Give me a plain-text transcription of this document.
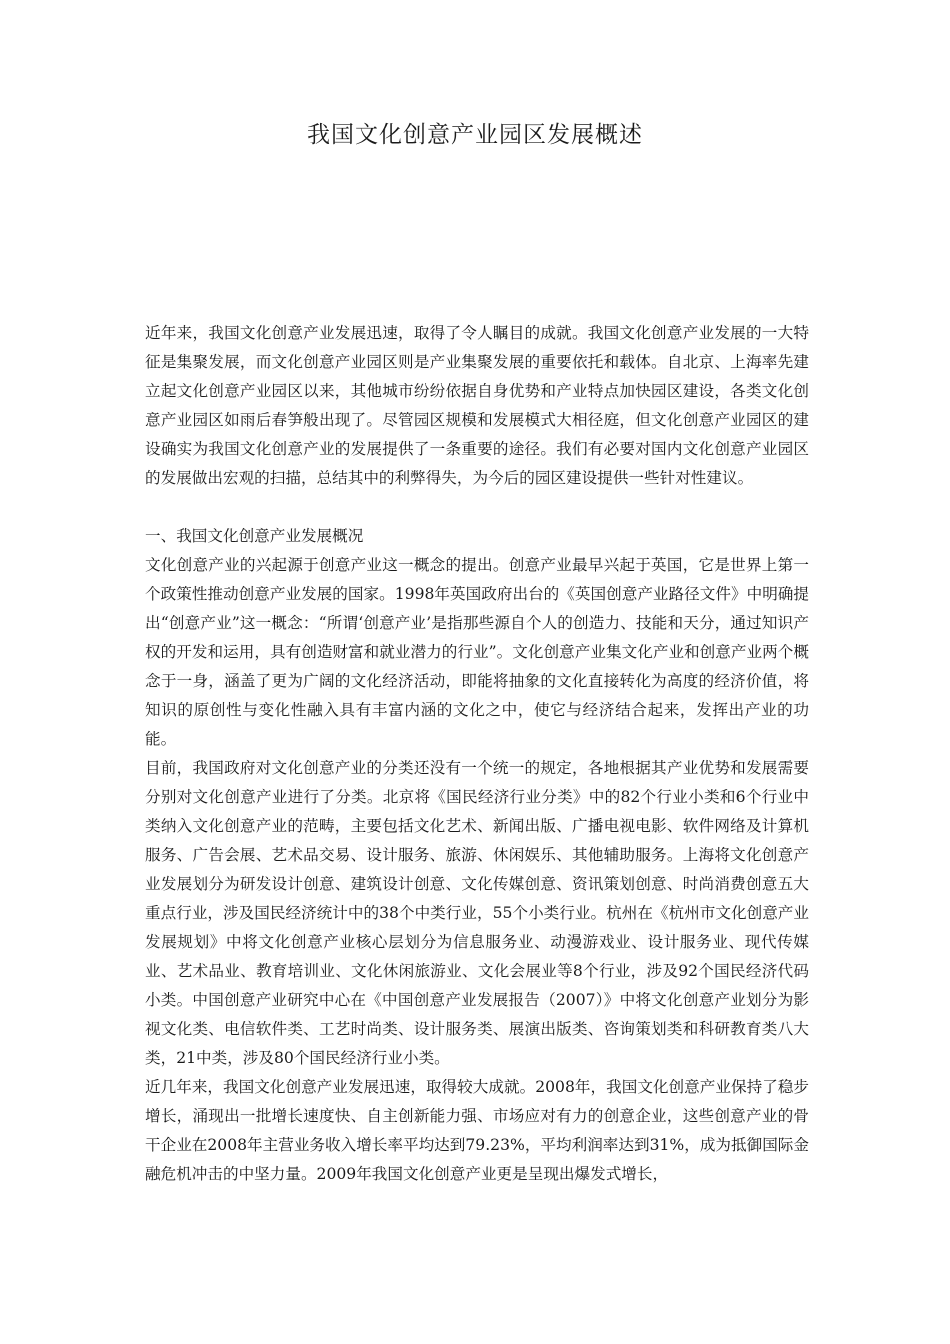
我国文化创意产业园区发展概述

近年来，我国文化创意产业发展迅速，取得了令人瞩目的成就。我国文化创意产业发展的一大特征是集聚发展，而文化创意产业园区则是产业集聚发展的重要依托和载体。自北京、上海率先建立起文化创意产业园区以来，其他城市纷纷依据自身优势和产业特点加快园区建设，各类文化创意产业园区如雨后春笋般出现了。尽管园区规模和发展模式大相径庭，但文化创意产业园区的建设确实为我国文化创意产业的发展提供了一条重要的途径。我们有必要对国内文化创意产业园区的发展做出宏观的扫描，总结其中的利弊得失，为今后的园区建设提供一些针对性建议。

一、我国文化创意产业发展概况

文化创意产业的兴起源于创意产业这一概念的提出。创意产业最早兴起于英国，它是世界上第一个政策性推动创意产业发展的国家。1998年英国政府出台的《英国创意产业路径文件》中明确提出“创意产业”这一概念：“所谓‘创意产业’是指那些源自个人的创造力、技能和天分，通过知识产权的开发和运用，具有创造财富和就业潜力的行业”。文化创意产业集文化产业和创意产业两个概念于一身，涵盖了更为广阔的文化经济活动，即能将抽象的文化直接转化为高度的经济价值，将知识的原创性与变化性融入具有丰富内涵的文化之中，使它与经济结合起来，发挥出产业的功能。

目前，我国政府对文化创意产业的分类还没有一个统一的规定，各地根据其产业优势和发展需要分别对文化创意产业进行了分类。北京将《国民经济行业分类》中的82个行业小类和6个行业中类纳入文化创意产业的范畴，主要包括文化艺术、新闻出版、广播电视电影、软件网络及计算机服务、广告会展、艺术品交易、设计服务、旅游、休闲娱乐、其他辅助服务。上海将文化创意产业发展划分为研发设计创意、建筑设计创意、文化传媒创意、资讯策划创意、时尚消费创意五大重点行业，涉及国民经济统计中的38个中类行业，55个小类行业。杭州在《杭州市文化创意产业发展规划》中将文化创意产业核心层划分为信息服务业、动漫游戏业、设计服务业、现代传媒业、艺术品业、教育培训业、文化休闲旅游业、文化会展业等8个行业，涉及92个国民经济代码小类。中国创意产业研究中心在《中国创意产业发展报告（2007）》中将文化创意产业划分为影视文化类、电信软件类、工艺时尚类、设计服务类、展演出版类、咨询策划类和科研教育类八大类，21中类，涉及80个国民经济行业小类。

近几年来，我国文化创意产业发展迅速，取得较大成就。2008年，我国文化创意产业保持了稳步增长，涌现出一批增长速度快、自主创新能力强、市场应对有力的创意企业，这些创意产业的骨干企业在2008年主营业务收入增长率平均达到79.23%，平均利润率达到31%，成为抵御国际金融危机冲击的中坚力量。2009年我国文化创意产业更是呈现出爆发式增长，
